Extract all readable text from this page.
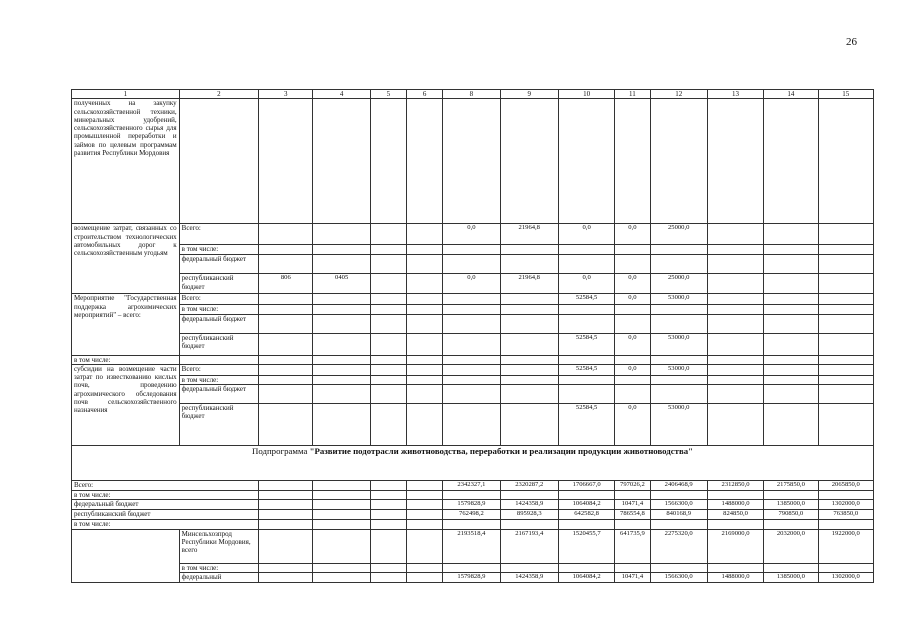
26
1	2	3	4	5	6	8	9	10	11	12	13	14	15
полученных на закупку сельскохозяйственной техники, минеральных удобрений, сельскохозяйственного сырья для промышленной переработки и займов по целевым программам развития Республики Мордовия													
возмещение затрат, связанных со строительством технологических автомобильных дорог к сельскохозяйственным угодьям	Всего:					0,0	21964,8	0,0	0,0	25000,0			
	в том числе:												
	федеральный бюджет												
	республиканский бюджет	806	0405			0,0	21964,8	0,0	0,0	25000,0			
Мероприятие "Государственная поддержка агрохимических мероприятий" – всего:	Всего:							52584,5	0,0	53000,0			
	в том числе:												
	федеральный бюджет												
	республиканский бюджет							52584,5	0,0	53000,0			
в том числе:													
субсидии на возмещение части затрат по известкованию кислых почв, проведению агрохимического обследования почв сельскохозяйственного назначения	Всего:							52584,5	0,0	53000,0			
	в том числе:												
	федеральный бюджет												
	республиканский бюджет							52584,5	0,0	53000,0			
Подпрограмма "Развитие подотрасли животноводства, переработки и реализации продукции животноводства"													
Всего:						2342327,1	2320287,2	1706667,0	797026,2	2406468,9	2312850,0	2175850,0	2065850,0
в том числе:													
федеральный бюджет						1579828,9	1424358,9	1064084,2	10471,4	1566300,0	1488000,0	1385000,0	1302000,0
республиканский бюджет						762498,2	895928,3	642582,8	786554,8	840168,9	824850,0	790850,0	763850,0
в том числе:													
	Минсельхозпрод Республики Мордовия, всего					2193518,4	2167193,4	1520455,7	641735,9	2275320,0	2169000,0	2032000,0	1922000,0
	в том числе:												
	федеральный					1579828,9	1424358,9	1064084,2	10471,4	1566300,0	1488000,0	1385000,0	1302000,0
